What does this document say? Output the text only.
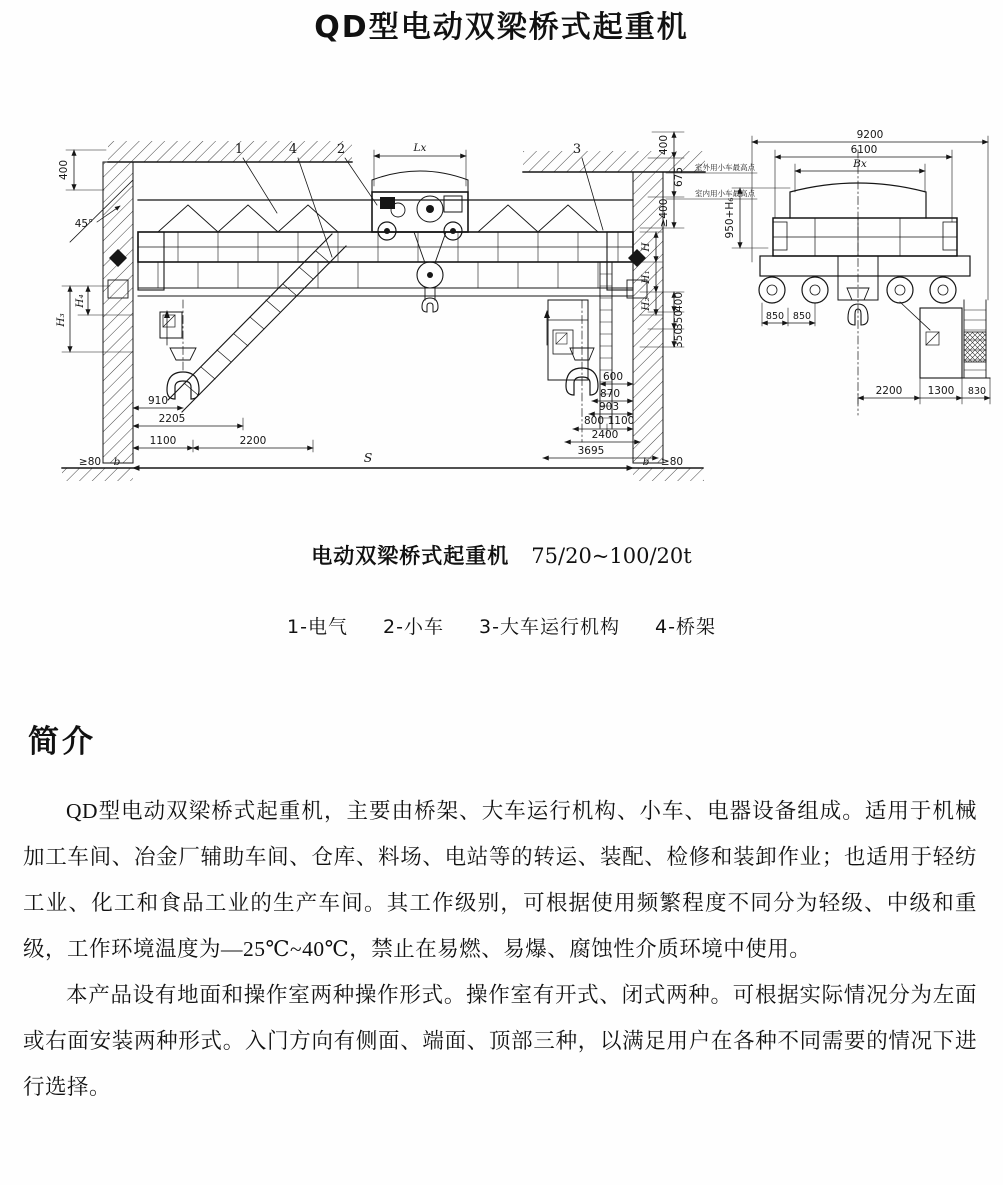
QD型电动双梁桥式起重机
45°
400
Lx
1	4	2	3
910
2205
1100	2200
≥80 b	S
600
870
903
800 1100
2400
3695
b ≥80
400
675
≥400
H
H₁
H₂ 400
350
350
H₄
H₃
室外用小车最高点
室内用小车最高点
9200
6100
Bx
950+H₆
850 850
2200 1300 830
电动双梁桥式起重机 75/20~100/20t
1-电气 2-小车 3-大车运行机构 4-桥架
简介

QD型电动双梁桥式起重机，主要由桥架、大车运行机构、小车、电器设备组成。适用于机械加工车间、冶金厂辅助车间、仓库、料场、电站等的转运、装配、检修和装卸作业；也适用于轻纺工业、化工和食品工业的生产车间。其工作级别，可根据使用频繁程度不同分为轻级、中级和重级，工作环境温度为—25℃~40℃，禁止在易燃、易爆、腐蚀性介质环境中使用。

本产品设有地面和操作室两种操作形式。操作室有开式、闭式两种。可根据实际情况分为左面或右面安装两种形式。入门方向有侧面、端面、顶部三种，以满足用户在各种不同需要的情况下进行选择。
